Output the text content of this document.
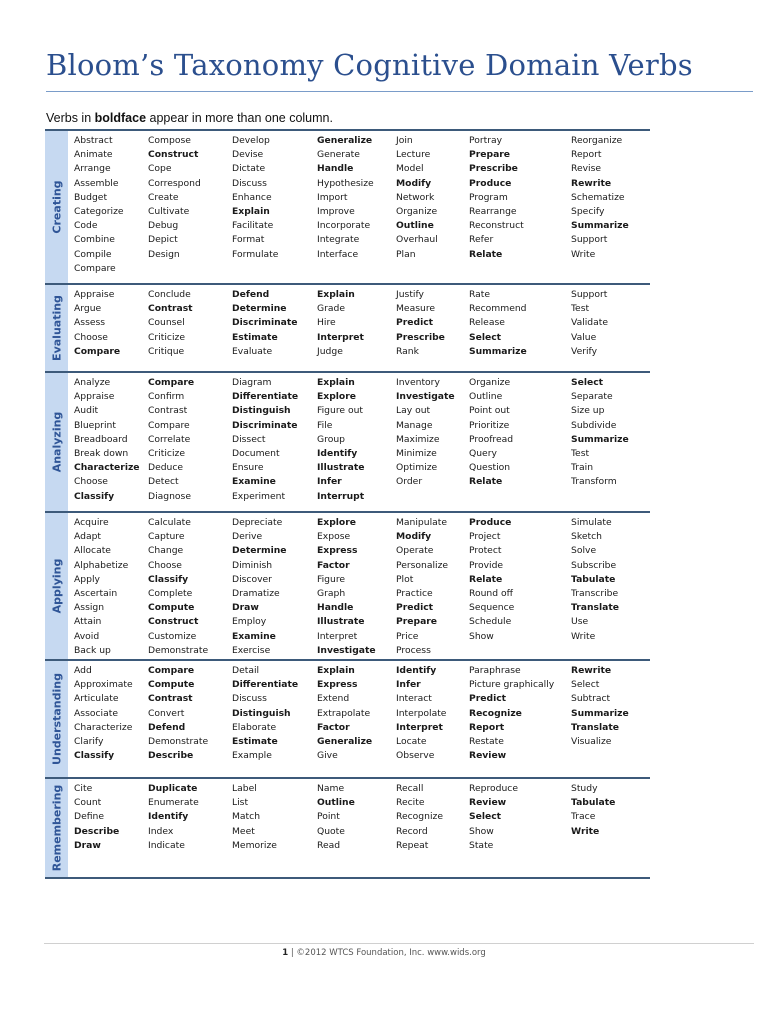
Bloom’s Taxonomy Cognitive Domain Verbs
Verbs in boldface appear in more than one column.
Creating
Abstract
Animate
Arrange
Assemble
Budget
Categorize
Code
Combine
Compile
Compare
Compose
Construct
Cope
Correspond
Create
Cultivate
Debug
Depict
Design
Develop
Devise
Dictate
Discuss
Enhance
Explain
Facilitate
Format
Formulate
Generalize
Generate
Handle
Hypothesize
Import
Improve
Incorporate
Integrate
Interface
Join
Lecture
Model
Modify
Network
Organize
Outline
Overhaul
Plan
Portray
Prepare
Prescribe
Produce
Program
Rearrange
Reconstruct
Refer
Relate
Reorganize
Report
Revise
Rewrite
Schematize
Specify
Summarize
Support
Write
Evaluating
Appraise
Argue
Assess
Choose
Compare
Conclude
Contrast
Counsel
Criticize
Critique
Defend
Determine
Discriminate
Estimate
Evaluate
Explain
Grade
Hire
Interpret
Judge
Justify
Measure
Predict
Prescribe
Rank
Rate
Recommend
Release
Select
Summarize
Support
Test
Validate
Value
Verify
Analyzing
Analyze
Appraise
Audit
Blueprint
Breadboard
Break down
Characterize
Choose
Classify
Compare
Confirm
Contrast
Compare
Correlate
Criticize
Deduce
Detect
Diagnose
Diagram
Differentiate
Distinguish
Discriminate
Dissect
Document
Ensure
Examine
Experiment
Explain
Explore
Figure out
File
Group
Identify
Illustrate
Infer
Interrupt
Inventory
Investigate
Lay out
Manage
Maximize
Minimize
Optimize
Order
Organize
Outline
Point out
Prioritize
Proofread
Query
Question
Relate
Select
Separate
Size up
Subdivide
Summarize
Test
Train
Transform
Applying
Acquire
Adapt
Allocate
Alphabetize
Apply
Ascertain
Assign
Attain
Avoid
Back up
Calculate
Capture
Change
Choose
Classify
Complete
Compute
Construct
Customize
Demonstrate
Depreciate
Derive
Determine
Diminish
Discover
Dramatize
Draw
Employ
Examine
Exercise
Explore
Expose
Express
Factor
Figure
Graph
Handle
Illustrate
Interpret
Investigate
Manipulate
Modify
Operate
Personalize
Plot
Practice
Predict
Prepare
Price
Process
Produce
Project
Protect
Provide
Relate
Round off
Sequence
Schedule
Show
Simulate
Sketch
Solve
Subscribe
Tabulate
Transcribe
Translate
Use
Write
Understanding
Add
Approximate
Articulate
Associate
Characterize
Clarify
Classify
Compare
Compute
Contrast
Convert
Defend
Demonstrate
Describe
Detail
Differentiate
Discuss
Distinguish
Elaborate
Estimate
Example
Explain
Express
Extend
Extrapolate
Factor
Generalize
Give
Identify
Infer
Interact
Interpolate
Interpret
Locate
Observe
Paraphrase
Picture graphically
Predict
Recognize
Report
Restate
Review
Rewrite
Select
Subtract
Summarize
Translate
Visualize
Remembering Cite
Count
Define
Describe
Draw
Duplicate
Enumerate
Identify
Index
Indicate
Label
List
Match
Meet
Memorize
Name
Outline
Point
Quote
Read
Recall
Recite
Recognize
Record
Repeat
Reproduce
Review
Select
Show
State
Study
Tabulate
Trace
Write
1 | ©2012 WTCS Foundation, Inc. www.wids.org
